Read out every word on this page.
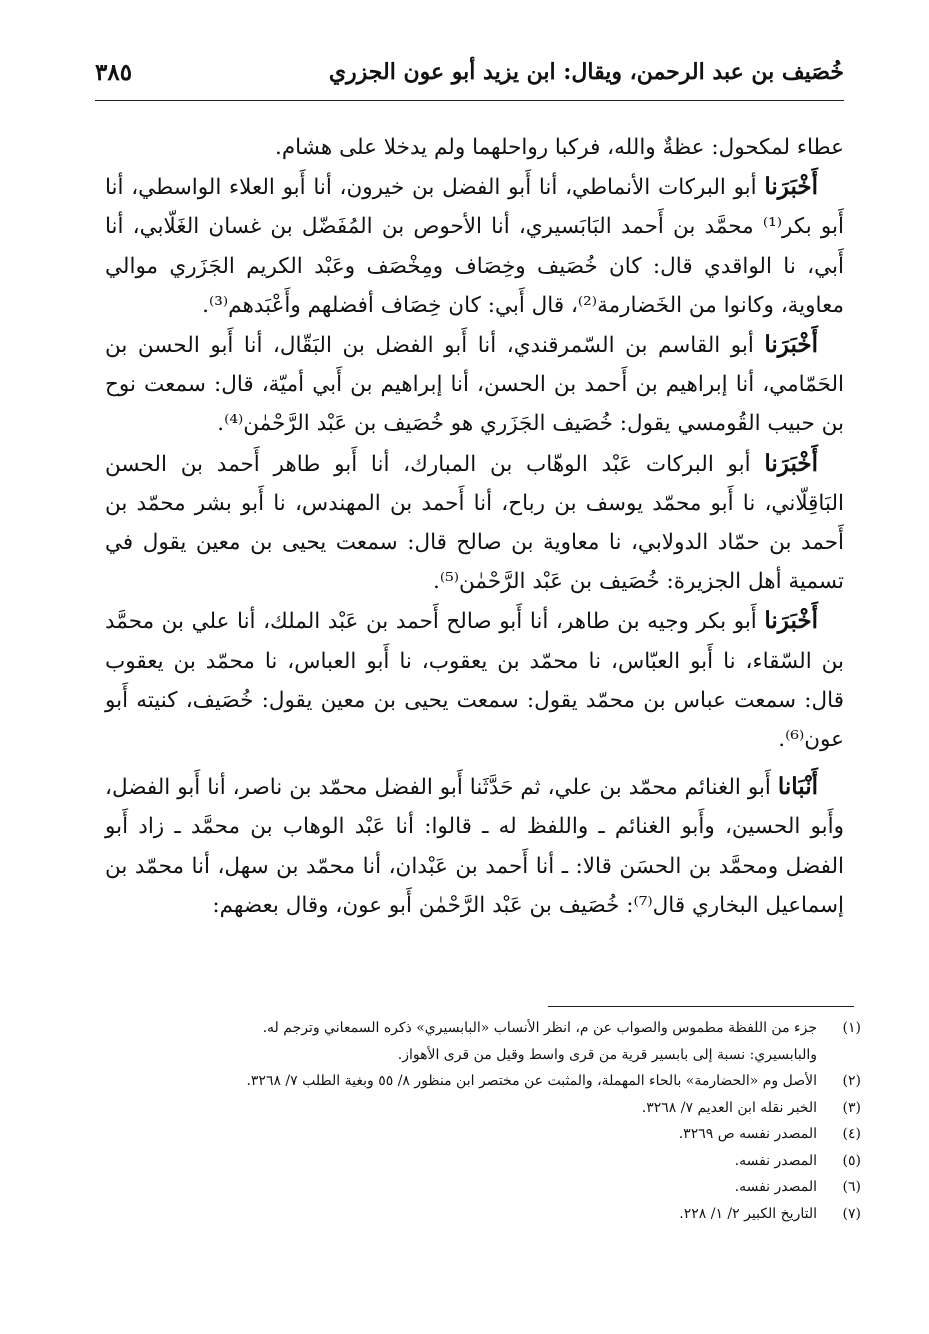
خُصَيف بن عبد الرحمن، ويقال: ابن يزيد أبو عون الجزري
٣٨٥

عطاء لمكحول: عظةٌ والله، فركبا رواحلهما ولم يدخلا على هشام.

أَخْبَرَنا أبو البركات الأنماطي، أنا أَبو الفضل بن خيرون، أنا أَبو العلاء الواسطي، أنا أَبو بكر⁽¹⁾ محمَّد بن أَحمد البَابَسيري، أنا الأحوص بن المُفَضّل بن غسان الغَلّابي، أنا أَبي، نا الواقدي قال: كان خُصَيف وخِصَاف ومِخْصَف وعَبْد الكريم الجَزَري موالي معاوية، وكانوا من الخَضارمة⁽²⁾، قال أَبي: كان خِصَاف أفضلهم وأَعْبَدهم⁽³⁾.

أَخْبَرَنا أبو القاسم بن السّمرقندي، أنا أَبو الفضل بن البَقّال، أنا أَبو الحسن بن الحَمّامي، أنا إبراهيم بن أَحمد بن الحسن، أنا إبراهيم بن أَبي أميّة، قال: سمعت نوح بن حبيب القُومسي يقول: خُصَيف الجَزَري هو خُصَيف بن عَبْد الرَّحْمٰن⁽⁴⁾.

أَخْبَرَنا أبو البركات عَبْد الوهّاب بن المبارك، أنا أَبو طاهر أَحمد بن الحسن البَاقِلّاني، نا أَبو محمّد يوسف بن رباح، أنا أَحمد بن المهندس، نا أَبو بشر محمّد بن أَحمد بن حمّاد الدولابي، نا معاوية بن صالح قال: سمعت يحيى بن معين يقول في تسمية أهل الجزيرة: خُصَيف بن عَبْد الرَّحْمٰن⁽⁵⁾.

أَخْبَرَنا أَبو بكر وجيه بن طاهر، أنا أَبو صالح أَحمد بن عَبْد الملك، أنا علي بن محمَّد بن السّقاء، نا أَبو العبّاس، نا محمّد بن يعقوب، نا أَبو العباس، نا محمّد بن يعقوب قال: سمعت عباس بن محمّد يقول: سمعت يحيى بن معين يقول: خُصَيف، كنيته أَبو عون⁽⁶⁾.

أَنْبَانا أَبو الغنائم محمّد بن علي، ثم حَدَّثَنا أَبو الفضل محمّد بن ناصر، أنا أَبو الفضل، وأَبو الحسين، وأَبو الغنائم ـ واللفظ له ـ قالوا: أنا عَبْد الوهاب بن محمَّد ـ زاد أَبو الفضل ومحمَّد بن الحسَن قالا: ـ أنا أَحمد بن عَبْدان، أنا محمّد بن سهل، أنا محمّد بن إسماعيل البخاري قال⁽⁷⁾: خُصَيف بن عَبْد الرَّحْمٰن أَبو عون، وقال بعضهم:

(١)
جزء من اللفظة مطموس والصواب عن م، انظر الأنساب «البابسيري» ذكره السمعاني وترجم له.
والبابسيري: نسبة إلى بابسير قرية من قرى واسط وقيل من قرى الأهواز.
(٢)
الأصل وم «الحضارمة» بالحاء المهملة، والمثبت عن مختصر ابن منظور ٨/ ٥٥ وبغية الطلب ٧/ ٣٢٦٨.
(٣)
الخبر نقله ابن العديم ٧/ ٣٢٦٨.
(٤)
المصدر نفسه ص ٣٢٦٩.
(٥)
المصدر نفسه.
(٦)
المصدر نفسه.
(٧)
التاريخ الكبير ٢/ ١/ ٢٢٨.
